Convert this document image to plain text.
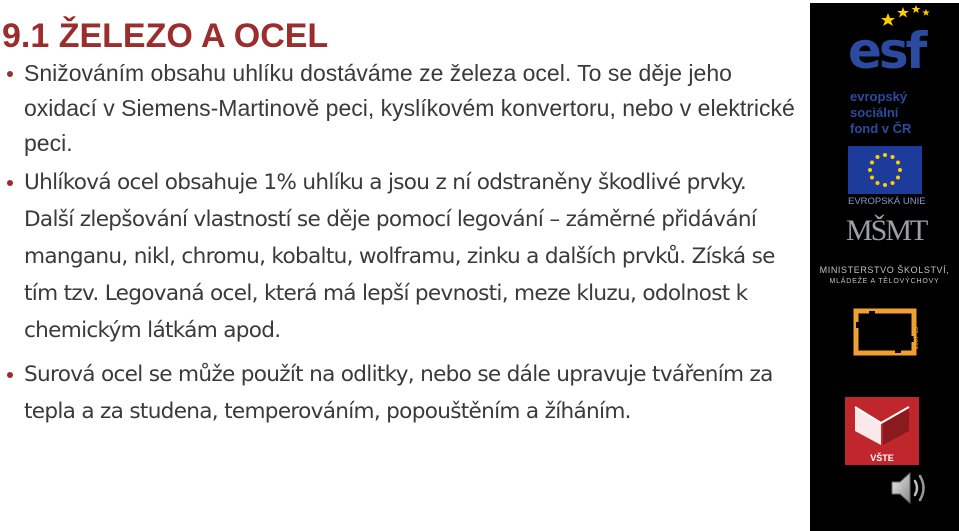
9.1 ŽELEZO A OCEL
Snižováním obsahu uhlíku dostáváme ze železa ocel. To se děje jeho oxidací v Siemens-Martinově peci, kyslíkovém konvertoru, nebo v elektrické peci.
Uhlíková ocel obsahuje 1% uhlíku a jsou z ní odstraněny škodlivé prvky. Další zlepšování vlastností se děje pomocí legování – záměrné přidávání manganu, nikl, chromu, kobaltu, wolframu, zinku a dalších prvků. Získá se tím tzv. Legovaná ocel, která má lepší pevnosti, meze kluzu, odolnost k chemickým látkám apod.
Surová ocel se může použít na odlitky, nebo se dále upravuje tvářením za tepla a za studena, temperováním, popouštěním a žíháním.
esf
evropský
sociální
fond v ČR
EVROPSKÁ UNIE
MŠMT
MINISTERSTVO ŠKOLSTVÍ,
MLÁDEŽE A TĚLOVÝCHOVY
2007-13
VŠTE
